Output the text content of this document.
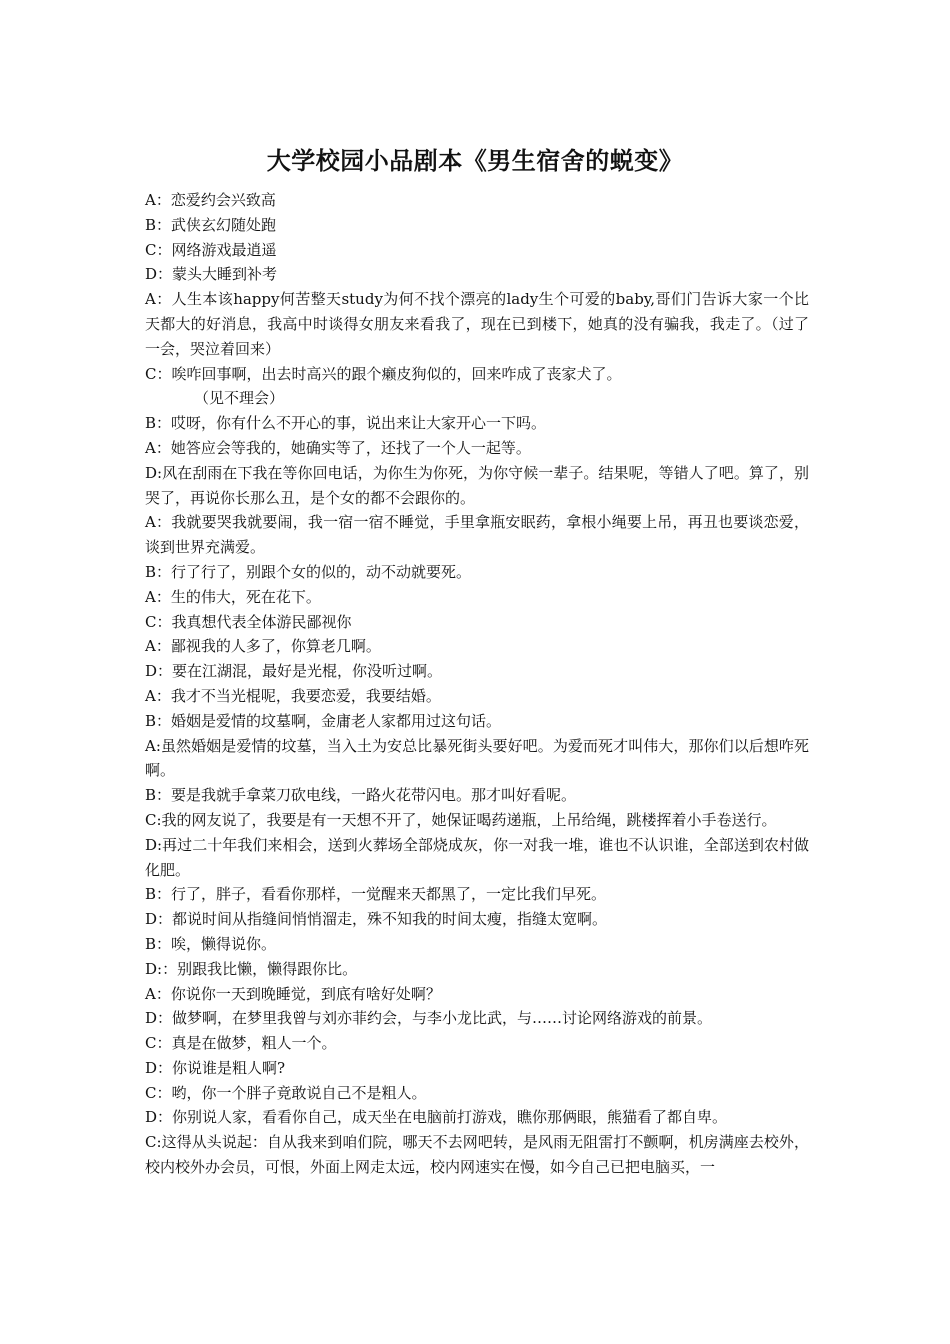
大学校园小品剧本《男生宿舍的蜕变》

A：恋爱约会兴致高

B：武侠玄幻随处跑

C：网络游戏最逍遥

D：蒙头大睡到补考

A：人生本该happy何苦整天study为何不找个漂亮的lady生个可爱的baby,哥们门告诉大家一个比天都大的好消息，我高中时谈得女朋友来看我了，现在已到楼下，她真的没有骗我，我走了。（过了一会，哭泣着回来）

C：唉咋回事啊，出去时高兴的跟个癞皮狗似的，回来咋成了丧家犬了。

（见不理会）

B：哎呀，你有什么不开心的事，说出来让大家开心一下吗。

A：她答应会等我的，她确实等了，还找了一个人一起等。

D:风在刮雨在下我在等你回电话，为你生为你死，为你守候一辈子。结果呢，等错人了吧。算了，别哭了，再说你长那么丑，是个女的都不会跟你的。

A：我就要哭我就要闹，我一宿一宿不睡觉，手里拿瓶安眠药，拿根小绳要上吊，再丑也要谈恋爱，谈到世界充满爱。

B：行了行了，别跟个女的似的，动不动就要死。

A：生的伟大，死在花下。

C：我真想代表全体游民鄙视你

A：鄙视我的人多了，你算老几啊。

D：要在江湖混，最好是光棍，你没听过啊。

A：我才不当光棍呢，我要恋爱，我要结婚。

B：婚姻是爱情的坟墓啊，金庸老人家都用过这句话。

A:虽然婚姻是爱情的坟墓，当入土为安总比暴死街头要好吧。为爱而死才叫伟大，那你们以后想咋死啊。

B：要是我就手拿菜刀砍电线，一路火花带闪电。那才叫好看呢。

C:我的网友说了，我要是有一天想不开了，她保证喝药递瓶，上吊给绳，跳楼挥着小手卷送行。

D:再过二十年我们来相会，送到火葬场全部烧成灰，你一对我一堆，谁也不认识谁，全部送到农村做化肥。

B：行了，胖子，看看你那样，一觉醒来天都黑了，一定比我们早死。

D：都说时间从指缝间悄悄溜走，殊不知我的时间太瘦，指缝太宽啊。

B：唉，懒得说你。

D:：别跟我比懒，懒得跟你比。

A：你说你一天到晚睡觉，到底有啥好处啊？

D：做梦啊，在梦里我曾与刘亦菲约会，与李小龙比武，与……讨论网络游戏的前景。

C：真是在做梦，粗人一个。

D：你说谁是粗人啊?

C：哟，你一个胖子竟敢说自己不是粗人。

D：你别说人家，看看你自己，成天坐在电脑前打游戏，瞧你那俩眼，熊猫看了都自卑。

C:这得从头说起：自从我来到咱们院，哪天不去网吧转，是风雨无阻雷打不颤啊，机房满座去校外，校内校外办会员，可恨，外面上网走太远，校内网速实在慢，如今自己已把电脑买，一
